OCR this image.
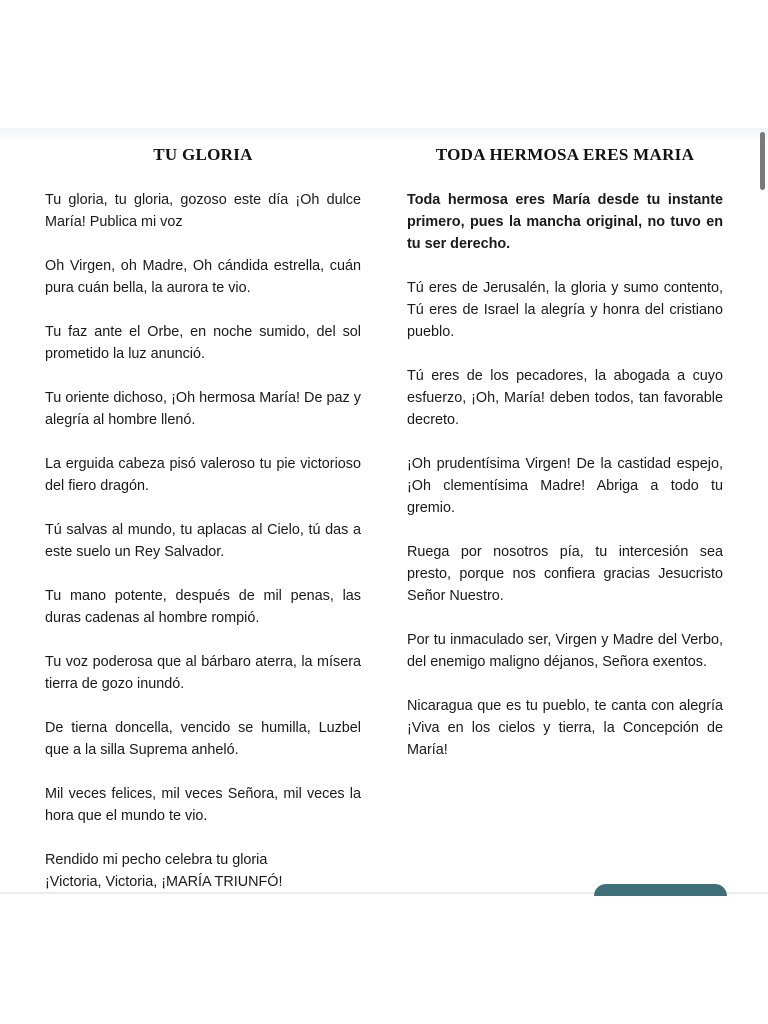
TU GLORIA

Tu gloria, tu gloria, gozoso este día ¡Oh dulce María! Publica mi voz

Oh Virgen, oh Madre, Oh cándida estrella, cuán pura cuán bella, la aurora te vio.

Tu faz ante el Orbe, en noche sumido, del sol prometido la luz anunció.

Tu oriente dichoso, ¡Oh hermosa María! De paz y alegría al hombre llenó.

La erguida cabeza pisó valeroso tu pie victorioso del fiero dragón.

Tú salvas al mundo, tu aplacas al Cielo, tú das a este suelo un Rey Salvador.

Tu mano potente, después de mil penas, las duras cadenas al hombre rompió.

Tu voz poderosa que al bárbaro aterra, la mísera tierra de gozo inundó.

De tierna doncella, vencido se humilla, Luzbel que a la silla Suprema anheló.

Mil veces felices, mil veces Señora, mil veces la hora que el mundo te vio.

Rendido mi pecho celebra tu gloria
¡Victoria, Victoria, ¡MARÍA TRIUNFÓ!

TODA HERMOSA ERES MARIA

Toda hermosa eres María desde tu instante primero, pues la mancha original, no tuvo en tu ser derecho.

Tú eres de Jerusalén, la gloria y sumo contento, Tú eres de Israel la alegría y honra del cristiano pueblo.

Tú eres de los pecadores, la abogada a cuyo esfuerzo, ¡Oh, María! deben todos, tan favorable decreto.

¡Oh prudentísima Virgen! De la castidad espejo, ¡Oh clementísima Madre! Abriga a todo tu gremio.

Ruega por nosotros pía, tu intercesión sea presto, porque nos confiera gracias Jesucristo Señor Nuestro.

Por tu inmaculado ser, Virgen y Madre del Verbo, del enemigo maligno déjanos, Señora exentos.

Nicaragua que es tu pueblo, te canta con alegría ¡Viva en los cielos y tierra, la Concepción de María!
